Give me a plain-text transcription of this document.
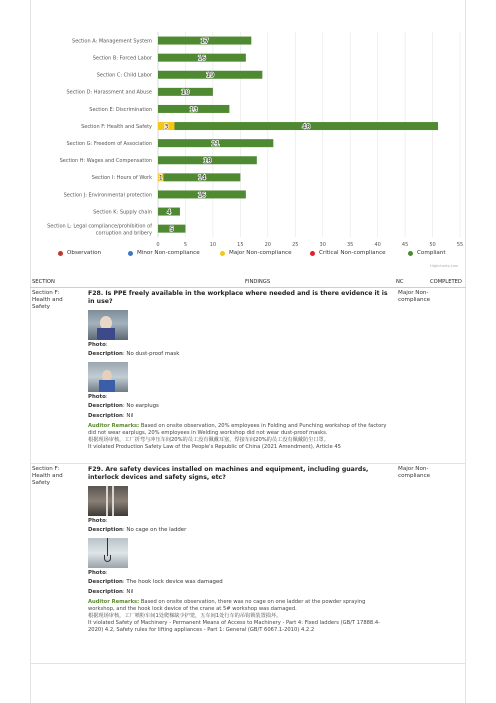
0	5	10	15	20	25	30	35	40	45	50	55
Section A: Management System	17
Section B: Forced Labor	16
Section C: Child Labor	19
Section D: Harassment and Abuse	10
Section E: Discrimination	13
Section F: Health and Safety 3	48
Section G: Freedom of Association	21
Section H: Wages and Compensation	18
Section I: Hours of Work 1	14
Section J: Environmental protection	16
Section K: Supply chain 4
Section L: Legal compliance/prohibition of corruption and bribery
5
Observation	Minor Non-compliance	Major Non-compliance	Critical Non-compliance	Compliant
Highcharts.com
SECTION	FINDINGS	NC	COMPLETED
Section F: Health and Safety
F28. Is PPE freely available in the workplace where needed and is there evidence it is in use?
Photo:
Description: No dust-proof mask
Photo:
Description: No earplugs
Description: Nil
Auditor Remarks: Based on onsite observation, 20% employees in Folding and Punching workshop of the factory did not wear earplugs, 20% employees in Welding workshop did not wear dust-proof masks.
根据现场审核，工厂折弯与冲压车间20%的员工没有佩戴耳塞，焊接车间20%的员工没有佩戴防尘口罩。
It violated Production Safety Law of the People's Republic of China (2021 Amendment), Article 45
Major Non-compliance
Section F: Health and Safety
F29. Are safety devices installed on machines and equipment, including guards, interlock devices and safety signs, etc?
Photo:
Description: No cage on the ladder
Photo:
Description: The hook lock device was damaged
Description: Nil
Auditor Remarks: Based on onsite observation, there was no cage on one ladder at the powder spraying workshop, and the hook lock device of the crane at 5# workshop was damaged.
根据现场审核，工厂喷粉车间1处爬梯缺少护笼，五车间1处行车的吊钩锁装置损坏。
It violated Safety of Machinery - Permanent Means of Access to Machinery - Part 4: Fixed ladders (GB/T 17888.4-2020) 4.2, Safety rules for lifting appliances - Part 1: General (GB/T 6067.1-2010) 4.2.2
Major Non-compliance
